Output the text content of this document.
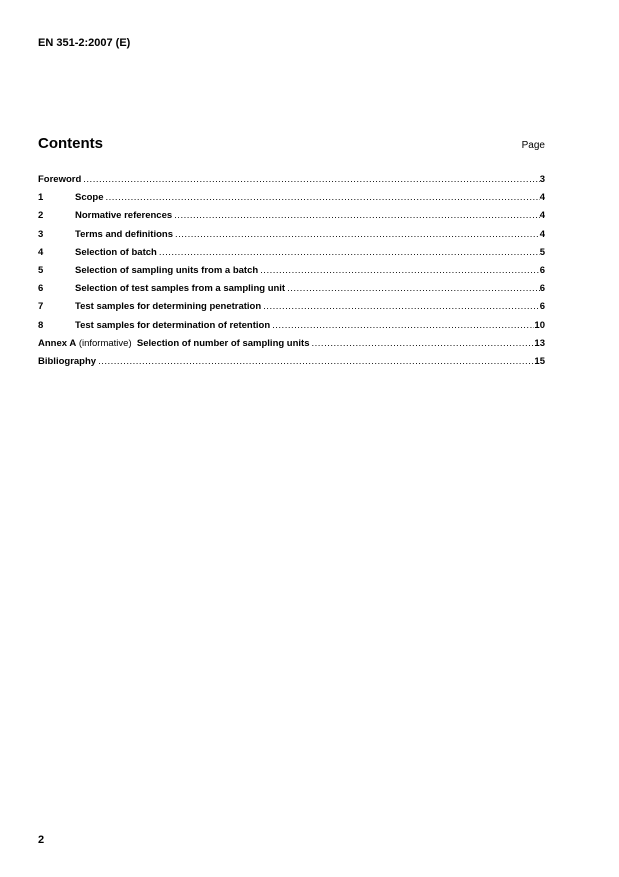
EN 351-2:2007 (E)
Contents	Page
Foreword .....	3
1	Scope .....	4
2	Normative references .....	4
3	Terms and definitions .....	4
4	Selection of batch .....	5
5	Selection of sampling units from a batch .....	6
6	Selection of test samples from a sampling unit .....	6
7	Test samples for determining penetration .....	6
8	Test samples for determination of retention .....	10
Annex A (informative)  Selection of number of sampling units .....	13
Bibliography .....	15
2
